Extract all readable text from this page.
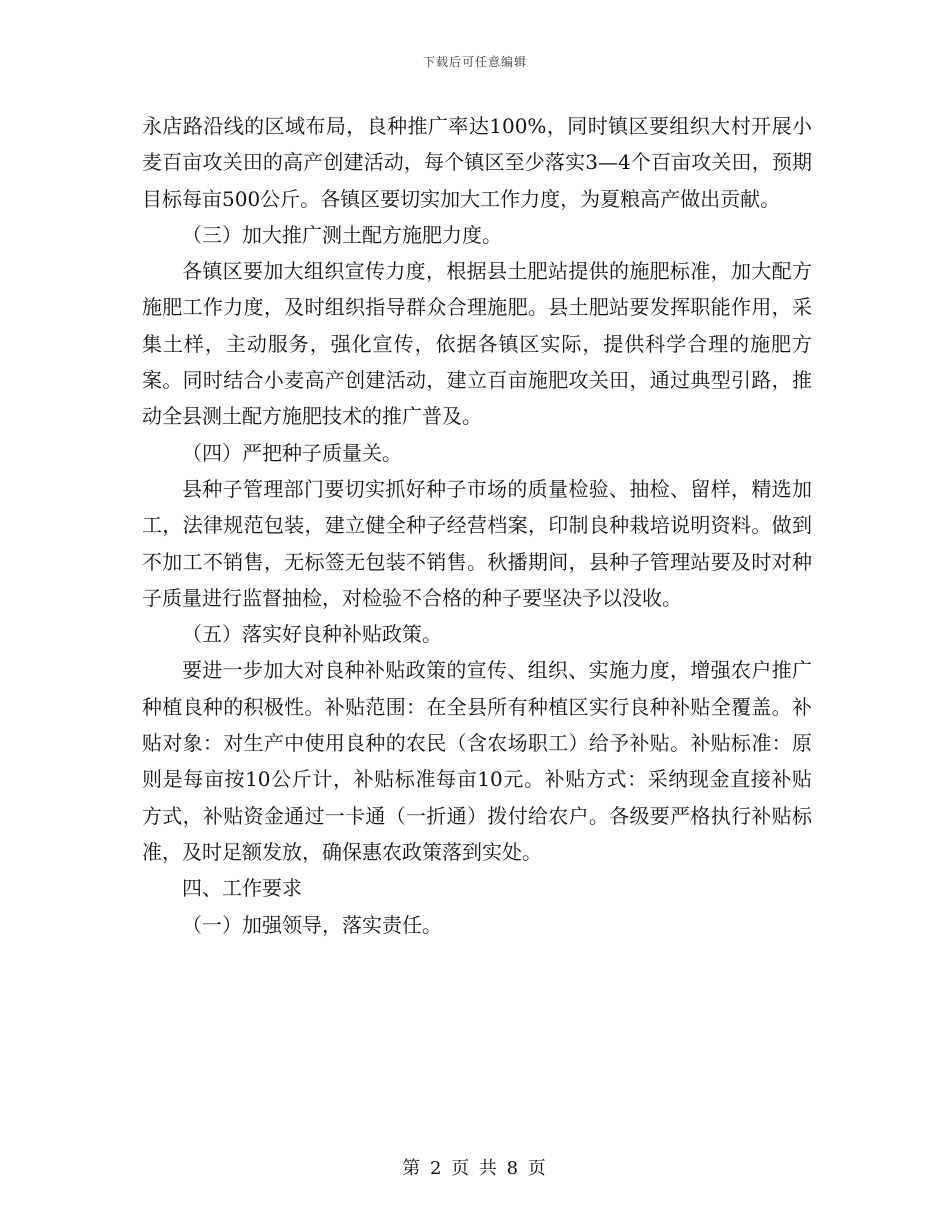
下载后可任意编辑

永店路沿线的区域布局，良种推广率达100%，同时镇区要组织大村开展小麦百亩攻关田的高产创建活动，每个镇区至少落实3—4个百亩攻关田，预期目标每亩500公斤。各镇区要切实加大工作力度，为夏粮高产做出贡献。

（三）加大推广测土配方施肥力度。

各镇区要加大组织宣传力度，根据县土肥站提供的施肥标准，加大配方施肥工作力度，及时组织指导群众合理施肥。县土肥站要发挥职能作用，采集土样，主动服务，强化宣传，依据各镇区实际，提供科学合理的施肥方案。同时结合小麦高产创建活动，建立百亩施肥攻关田，通过典型引路，推动全县测土配方施肥技术的推广普及。

（四）严把种子质量关。

县种子管理部门要切实抓好种子市场的质量检验、抽检、留样，精选加工，法律规范包装，建立健全种子经营档案，印制良种栽培说明资料。做到不加工不销售，无标签无包装不销售。秋播期间，县种子管理站要及时对种子质量进行监督抽检，对检验不合格的种子要坚决予以没收。

（五）落实好良种补贴政策。

要进一步加大对良种补贴政策的宣传、组织、实施力度，增强农户推广种植良种的积极性。补贴范围：在全县所有种植区实行良种补贴全覆盖。补贴对象：对生产中使用良种的农民（含农场职工）给予补贴。补贴标准：原则是每亩按10公斤计，补贴标准每亩10元。补贴方式：采纳现金直接补贴方式，补贴资金通过一卡通（一折通）拨付给农户。各级要严格执行补贴标准，及时足额发放，确保惠农政策落到实处。

四、工作要求

（一）加强领导，落实责任。

第 2 页 共 8 页
